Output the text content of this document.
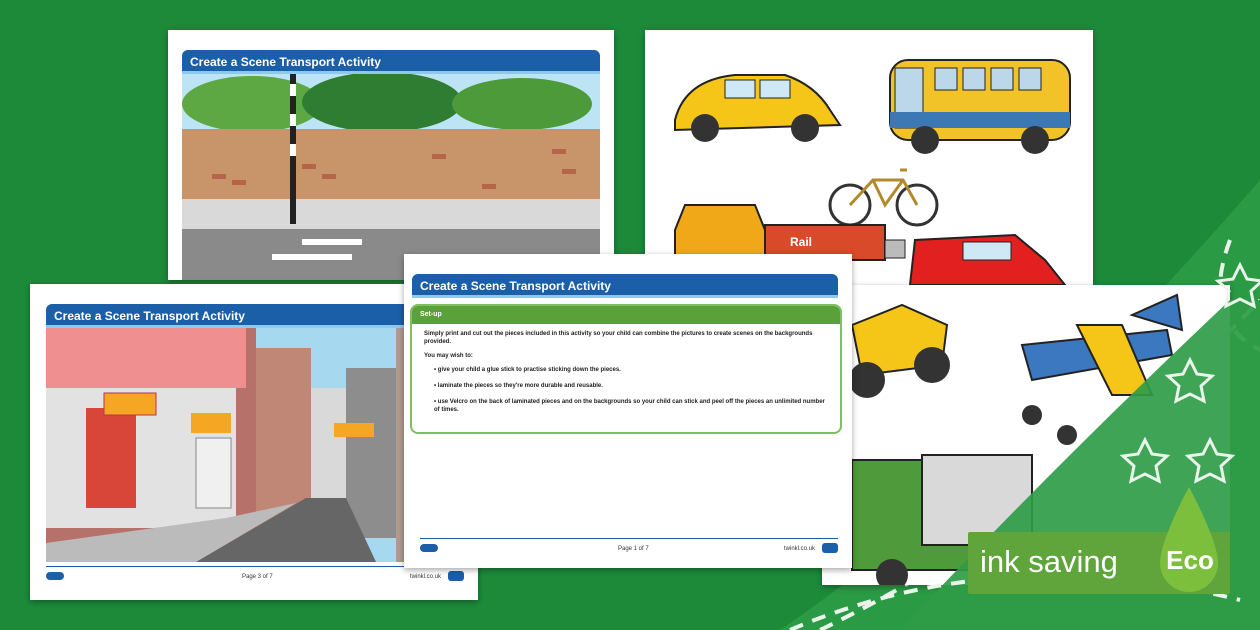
Create a Scene Transport Activity
Rail
Create a Scene Transport Activity
Page 3 of 7	twinkl.co.uk
Create a Scene Transport Activity
Set-up
Simply print and cut out the pieces included in this activity so your child can combine the pictures to create scenes on the backgrounds provided.
You may wish to:
• give your child a glue stick to practise sticking down the pieces.
• laminate the pieces so they're more durable and reusable.
• use Velcro on the back of laminated pieces and on the backgrounds so your child can stick and peel off the pieces an unlimited number of times.
Page 1 of 7	twinkl.co.uk	ink saving Eco
